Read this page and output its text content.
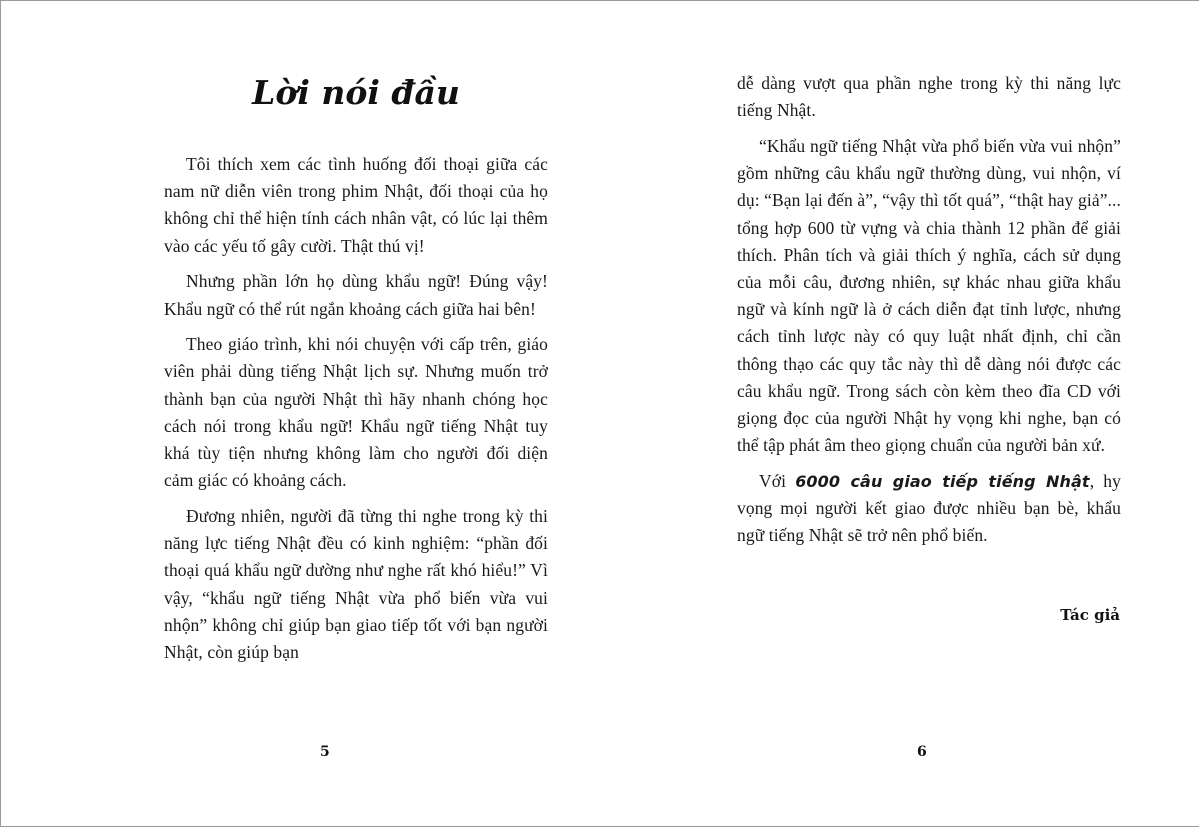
Lời nói đầu

Tôi thích xem các tình huống đối thoại giữa các nam nữ diễn viên trong phim Nhật, đối thoại của họ không chỉ thể hiện tính cách nhân vật, có lúc lại thêm vào các yếu tố gây cười. Thật thú vị!

Nhưng phần lớn họ dùng khẩu ngữ! Đúng vậy! Khẩu ngữ có thể rút ngắn khoảng cách giữa hai bên!

Theo giáo trình, khi nói chuyện với cấp trên, giáo viên phải dùng tiếng Nhật lịch sự. Nhưng muốn trở thành bạn của người Nhật thì hãy nhanh chóng học cách nói trong khẩu ngữ! Khẩu ngữ tiếng Nhật tuy khá tùy tiện nhưng không làm cho người đối diện cảm giác có khoảng cách.

Đương nhiên, người đã từng thi nghe trong kỳ thi năng lực tiếng Nhật đều có kinh nghiệm: “phần đối thoại quá khẩu ngữ dường như nghe rất khó hiểu!” Vì vậy, “khẩu ngữ tiếng Nhật vừa phổ biến vừa vui nhộn” không chỉ giúp bạn giao tiếp tốt với bạn người Nhật, còn giúp bạn

5

dễ dàng vượt qua phần nghe trong kỳ thi năng lực tiếng Nhật.

“Khẩu ngữ tiếng Nhật vừa phổ biến vừa vui nhộn” gồm những câu khẩu ngữ thường dùng, vui nhộn, ví dụ: “Bạn lại đến à”, “vậy thì tốt quá”, “thật hay giả”... tổng hợp 600 từ vựng và chia thành 12 phần để giải thích. Phân tích và giải thích ý nghĩa, cách sử dụng của mỗi câu, đương nhiên, sự khác nhau giữa khẩu ngữ và kính ngữ là ở cách diễn đạt tỉnh lược, nhưng cách tỉnh lược này có quy luật nhất định, chỉ cần thông thạo các quy tắc này thì dễ dàng nói được các câu khẩu ngữ. Trong sách còn kèm theo đĩa CD với giọng đọc của người Nhật hy vọng khi nghe, bạn có thể tập phát âm theo giọng chuẩn của người bản xứ.

Với 6000 câu giao tiếp tiếng Nhật, hy vọng mọi người kết giao được nhiều bạn bè, khẩu ngữ tiếng Nhật sẽ trở nên phổ biến.

Tác giả
6
